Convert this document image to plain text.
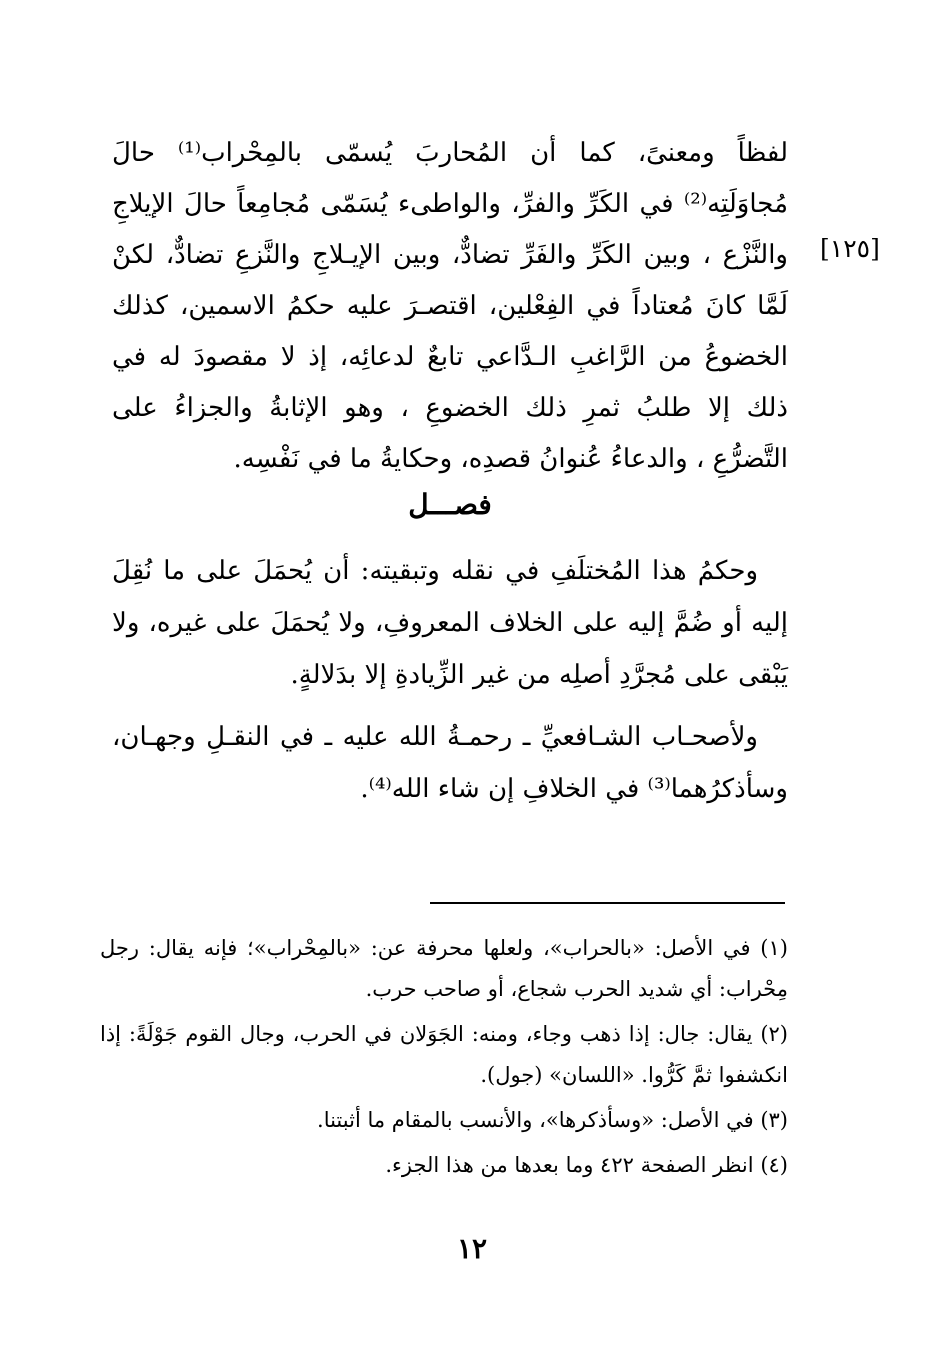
[١٢٥]

لفظاً ومعنىً، كما أن المُحاربَ يُسمّى بالمِحْراب⁽¹⁾ حالَ مُجاوَلَتِه⁽²⁾ في الكَرِّ والفرِّ، والواطىء يُسَمّى مُجامِعاً حالَ الإيلاجِ والنَّزْع ، وبين الكَرِّ والفَرِّ تضادٌّ، وبين الإيـلاجِ والنَّزعِ تضادٌّ، لكنْ لَمَّا كانَ مُعتاداً في الفِعْلين، اقتصـرَ عليه حكمُ الاسمين، كذلك الخضوعُ من الرَّاغبِ الـدَّاعي تابعٌ لدعائِه، إذ لا مقصودَ له في ذلك إلا طلبُ ثمرِ ذلك الخضوعِ ، وهو الإثابةُ والجزاءُ على التَّضرُّعِ ، والدعاءُ عُنوانُ قصدِه، وحكايةُ ما في نَفْسِه.

فصـــل

وحكمُ هذا المُختلَفِ في نقله وتبقيته: أن يُحمَلَ على ما نُقِلَ إليه أو ضُمَّ إليه على الخلاف المعروفِ، ولا يُحمَلَ على غيره، ولا يَبْقى على مُجرَّدِ أصلِه من غير الزِّيادةِ إلا بدَلالةٍ.

ولأصحـاب الشـافعيِّ ـ رحمـةُ الله عليه ـ في النقـلِ وجهـان، وسأذكرُهما⁽³⁾ في الخلافِ إن شاء الله⁽⁴⁾.

(١) في الأصل: «بالحراب»، ولعلها محرفة عن: «بالمِحْراب»؛ فإنه يقال: رجل مِحْراب: أي شديد الحرب شجاع، أو صاحب حرب.

(٢) يقال: جال: إذا ذهب وجاء، ومنه: الجَوَلان في الحرب، وجال القوم جَوْلَةً: إذا انكشفوا ثمَّ كَرُّوا. «اللسان» (جول).

(٣) في الأصل: «وسأذكرها»، والأنسب بالمقام ما أثبتنا.

(٤) انظر الصفحة ٤٢٢ وما بعدها من هذا الجزء.

١٢
